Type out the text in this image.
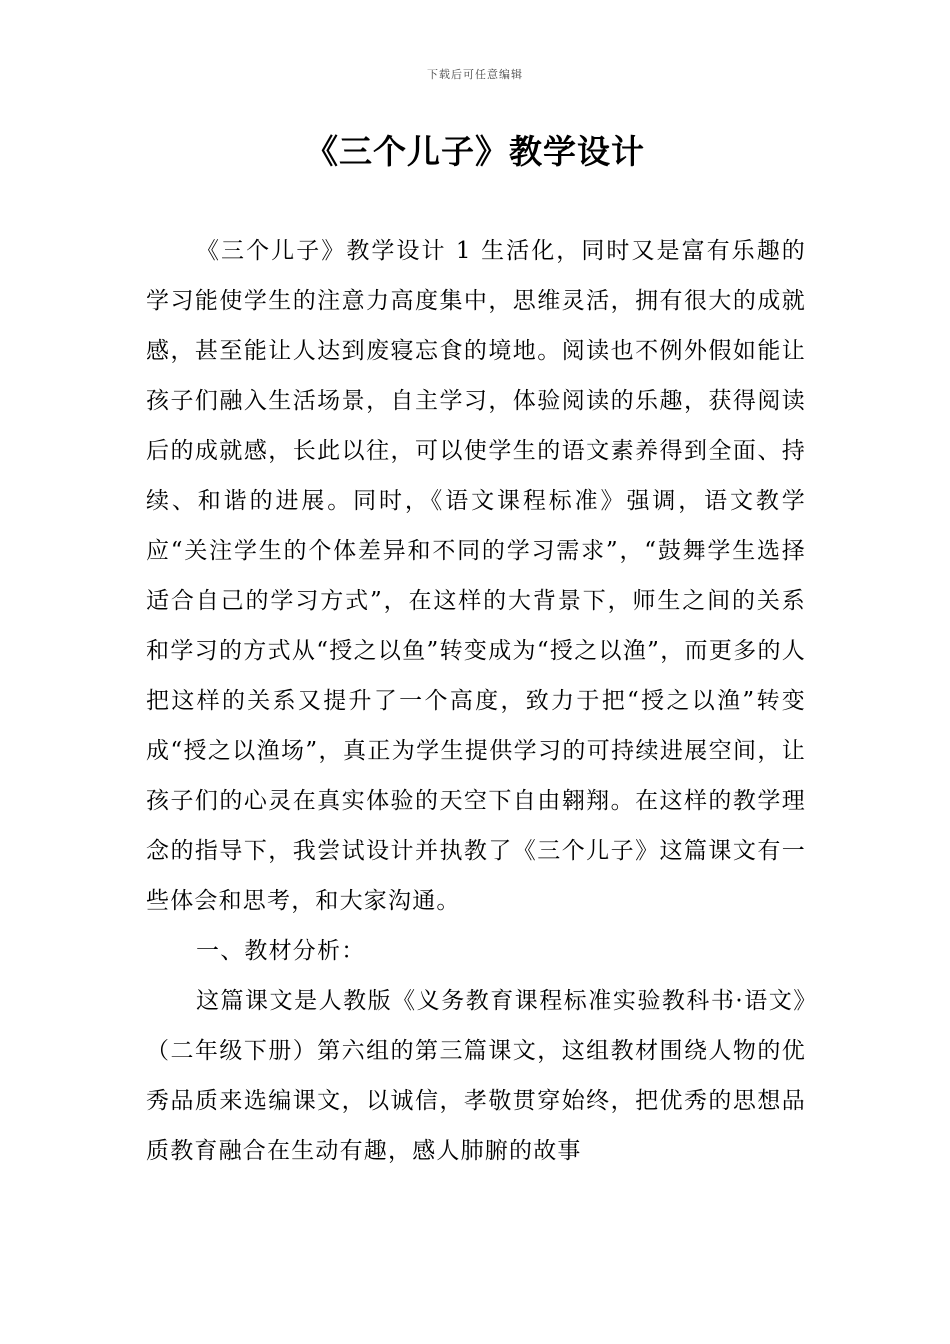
下载后可任意编辑
《三个儿子》教学设计

《三个儿子》教学设计 1 生活化，同时又是富有乐趣的学习能使学生的注意力高度集中，思维灵活，拥有很大的成就感，甚至能让人达到废寝忘食的境地。阅读也不例外假如能让孩子们融入生活场景，自主学习，体验阅读的乐趣，获得阅读后的成就感，长此以往，可以使学生的语文素养得到全面、持续、和谐的进展。同时，《语文课程标准》强调，语文教学应“关注学生的个体差异和不同的学习需求”，“鼓舞学生选择适合自己的学习方式”，在这样的大背景下，师生之间的关系和学习的方式从“授之以鱼”转变成为“授之以渔”，而更多的人把这样的关系又提升了一个高度，致力于把“授之以渔”转变成“授之以渔场”，真正为学生提供学习的可持续进展空间，让孩子们的心灵在真实体验的天空下自由翱翔。在这样的教学理念的指导下，我尝试设计并执教了《三个儿子》这篇课文有一些体会和思考，和大家沟通。

一、教材分析：

这篇课文是人教版《义务教育课程标准实验教科书·语文》（二年级下册）第六组的第三篇课文，这组教材围绕人物的优秀品质来选编课文，以诚信，孝敬贯穿始终，把优秀的思想品质教育融合在生动有趣，感人肺腑的故事
